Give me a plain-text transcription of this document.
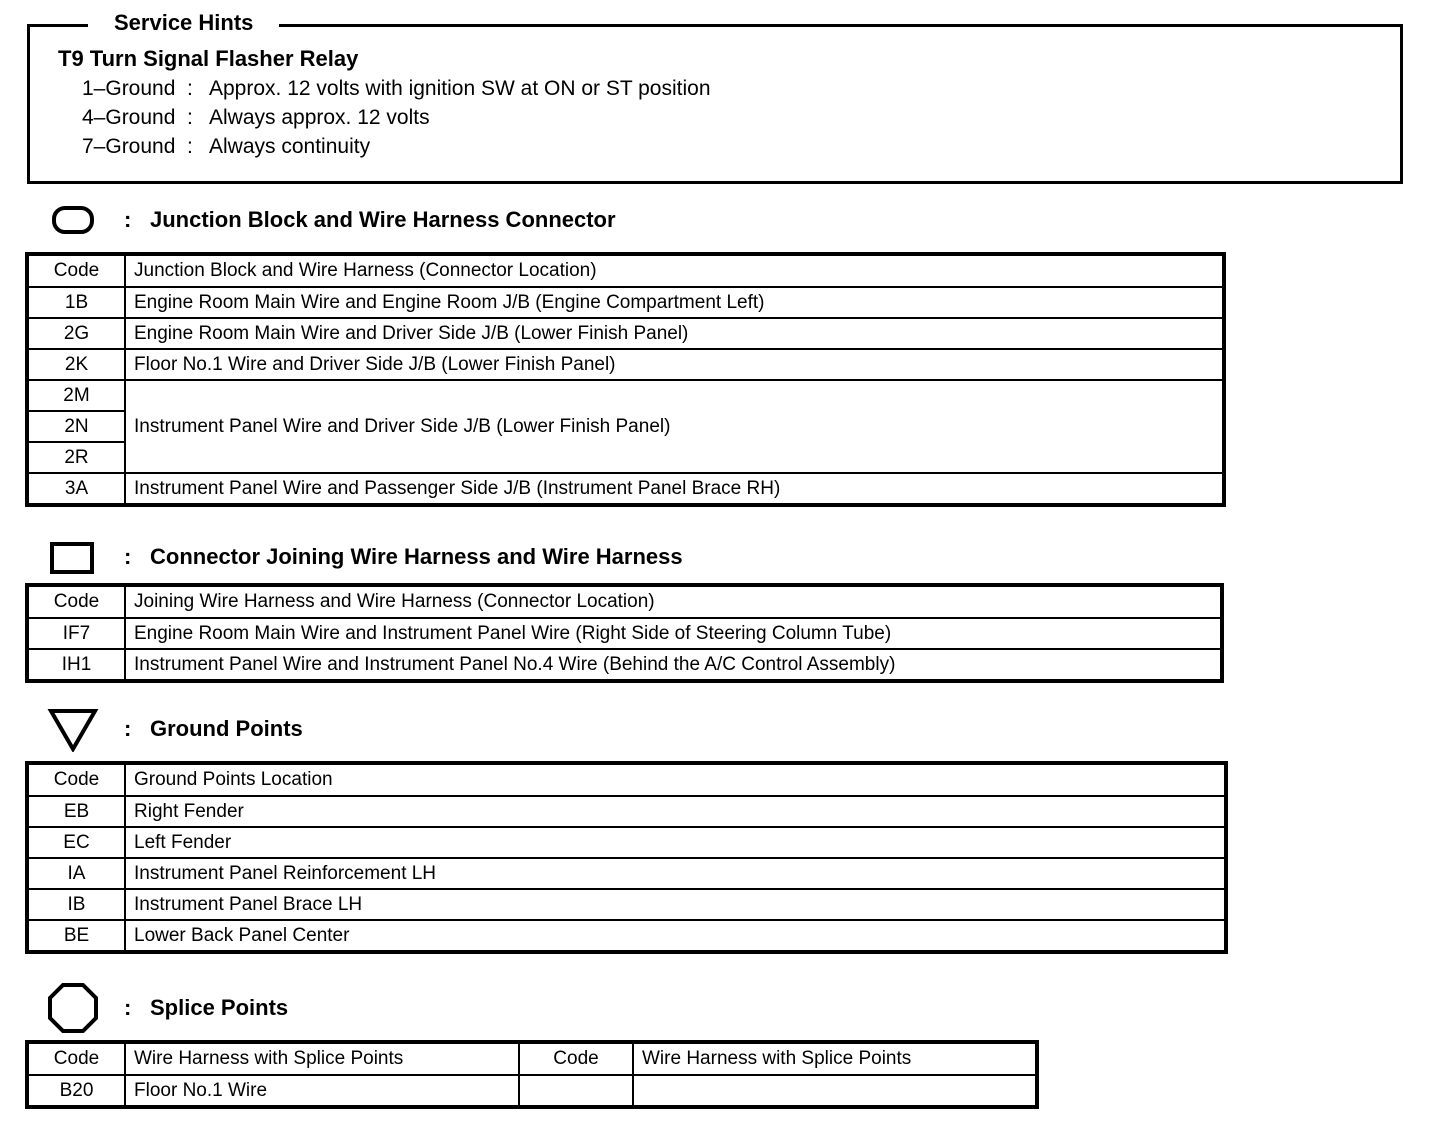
Service Hints
T9 Turn Signal Flasher Relay
1–Ground : Approx. 12 volts with ignition SW at ON or ST position
4–Ground : Always approx. 12 volts
7–Ground : Always continuity
: Junction Block and Wire Harness Connector
Code	Junction Block and Wire Harness (Connector Location)
1B	Engine Room Main Wire and Engine Room J/B (Engine Compartment Left)
2G	Engine Room Main Wire and Driver Side J/B (Lower Finish Panel)
2K	Floor No.1 Wire and Driver Side J/B (Lower Finish Panel)
2M	Instrument Panel Wire and Driver Side J/B (Lower Finish Panel)
2N	
2R	
3A	Instrument Panel Wire and Passenger Side J/B (Instrument Panel Brace RH)
: Connector Joining Wire Harness and Wire Harness
Code	Joining Wire Harness and Wire Harness (Connector Location)
IF7	Engine Room Main Wire and Instrument Panel Wire (Right Side of Steering Column Tube)
IH1	Instrument Panel Wire and Instrument Panel No.4 Wire (Behind the A/C Control Assembly)
: Ground Points
Code	Ground Points Location
EB	Right Fender
EC	Left Fender
IA	Instrument Panel Reinforcement LH
IB	Instrument Panel Brace LH
BE	Lower Back Panel Center
: Splice Points
Code	Wire Harness with Splice Points	Code	Wire Harness with Splice Points
B20	Floor No.1 Wire		
